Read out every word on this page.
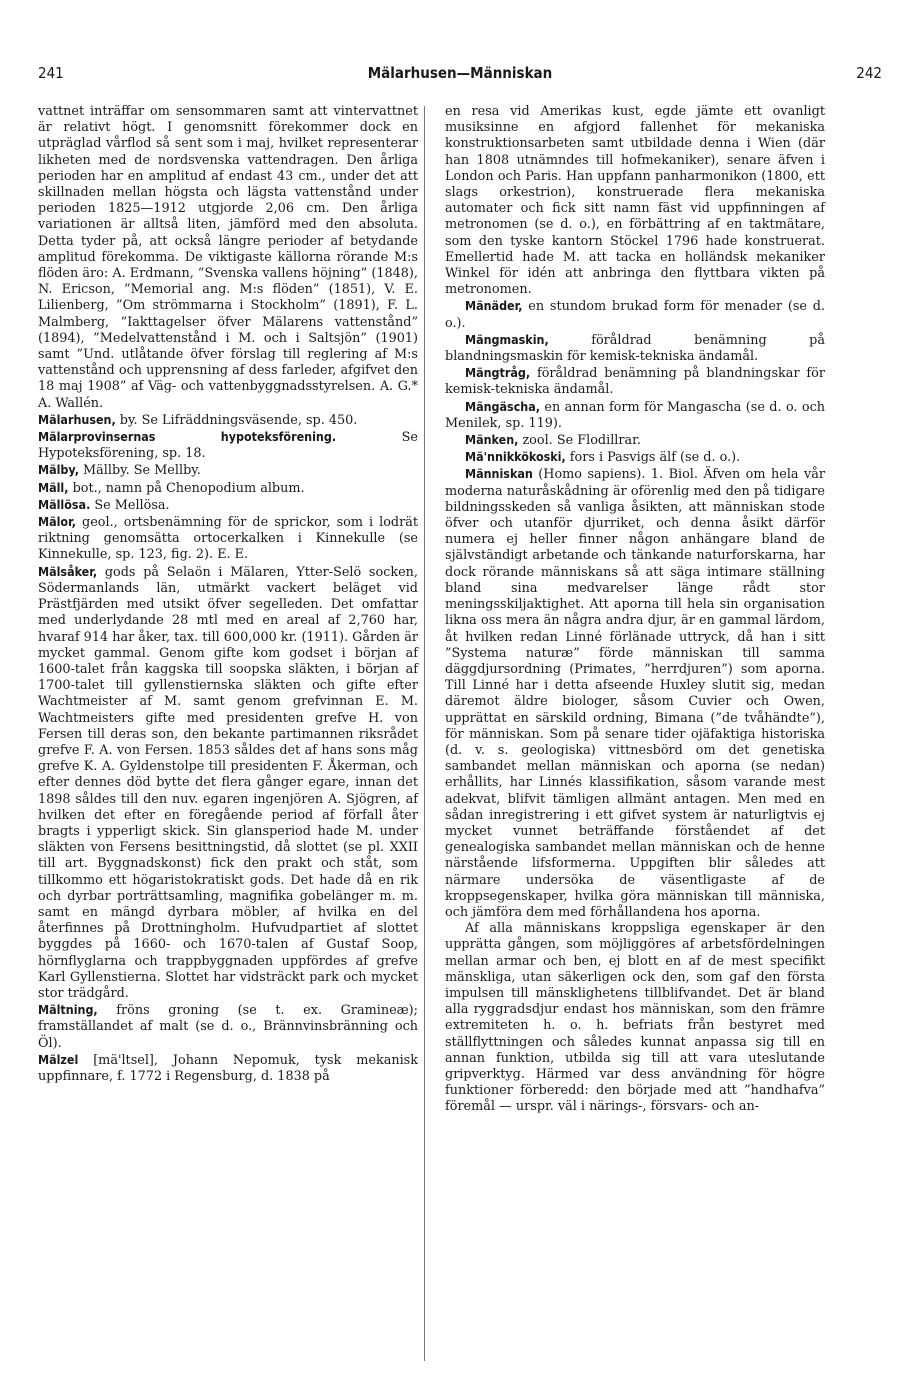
241	Mälarhusen—Människan	242

vattnet inträffar om sensommaren samt att vintervattnet är relativt högt. I genomsnitt förekommer dock en utpräglad vårflod så sent som i maj, hvilket representerar likheten med de nordsvenska vattendragen. Den årliga perioden har en amplitud af endast 43 cm., under det att skillnaden mellan högsta och lägsta vattenstånd under perioden 1825—1912 utgjorde 2,06 cm. Den årliga variationen är alltså liten, jämförd med den absoluta. Detta tyder på, att också längre perioder af betydande amplitud förekomma. De viktigaste källorna rörande M:s flöden äro: A. Erdmann, ”Svenska vallens höjning” (1848), N. Ericson, ”Memorial ang. M:s flöden” (1851), V. E. Lilienberg, ”Om strömmarna i Stockholm” (1891), F. L. Malmberg, ”Iakttagelser öfver Mälarens vattenstånd” (1894), ”Medelvattenstånd i M. och i Saltsjön” (1901) samt ”Und. utlåtande öfver förslag till reglering af M:s vattenstånd och upprensning af dess farleder, afgifvet den 18 maj 1908” af Väg- och vattenbyggnadsstyrelsen. A. G.* A. Wallén.

Mälarhusen, by. Se Lifräddningsväsende, sp. 450.

Mälarprovinsernas hypoteksförening. Se Hypoteksförening, sp. 18.

Mälby, Mällby. Se Mellby.

Mäll, bot., namn på Chenopodium album.

Mällösa. Se Mellösa.

Mälor, geol., ortsbenämning för de sprickor, som i lodrät riktning genomsätta ortocerkalken i Kinnekulle (se Kinnekulle, sp. 123, fig. 2). E. E.

Mälsåker, gods på Selaön i Mälaren, Ytter-Selö socken, Södermanlands län, utmärkt vackert beläget vid Prästfjärden med utsikt öfver segelleden. Det omfattar med underlydande 28 mtl med en areal af 2,760 har, hvaraf 914 har åker, tax. till 600,000 kr. (1911). Gården är mycket gammal. Genom gifte kom godset i början af 1600-talet från kaggska till soopska släkten, i början af 1700-talet till gyllenstiernska släkten och gifte efter Wachtmeister af M. samt genom grefvinnan E. M. Wachtmeisters gifte med presidenten grefve H. von Fersen till deras son, den bekante partimannen riksrådet grefve F. A. von Fersen. 1853 såldes det af hans sons måg grefve K. A. Gyldenstolpe till presidenten F. Åkerman, och efter dennes död bytte det flera gånger egare, innan det 1898 såldes till den nuv. egaren ingenjören A. Sjögren, af hvilken det efter en föregående period af förfall åter bragts i ypperligt skick. Sin glansperiod hade M. under släkten von Fersens besittningstid, då slottet (se pl. XXII till art. Byggnadskonst) fick den prakt och ståt, som tillkommo ett högaristokratiskt gods. Det hade då en rik och dyrbar porträttsamling, magnifika gobelänger m. m. samt en mängd dyrbara möbler, af hvilka en del återfinnes på Drottningholm. Hufvudpartiet af slottet byggdes på 1660- och 1670-talen af Gustaf Soop, hörnflyglarna och trappbyggnaden uppfördes af grefve Karl Gyllenstierna. Slottet har vidsträckt park och mycket stor trädgård.

Mältning, fröns groning (se t. ex. Gramineæ); framställandet af malt (se d. o., Brännvinsbränning och Öl).

Mälzel [mä'ltsel], Johann Nepomuk, tysk mekanisk uppfinnare, f. 1772 i Regensburg, d. 1838 på

en resa vid Amerikas kust, egde jämte ett ovanligt musiksinne en afgjord fallenhet för mekaniska konstruktionsarbeten samt utbildade denna i Wien (där han 1808 utnämndes till hofmekaniker), senare äfven i London och Paris. Han uppfann panharmonikon (1800, ett slags orkestrion), konstruerade flera mekaniska automater och fick sitt namn fäst vid uppfinningen af metronomen (se d. o.), en förbättring af en taktmätare, som den tyske kantorn Stöckel 1796 hade konstruerat. Emellertid hade M. att tacka en holländsk mekaniker Winkel för idén att anbringa den flyttbara vikten på metronomen.

Mänäder, en stundom brukad form för menader (se d. o.).

Mängmaskin, föråldrad benämning på blandningsmaskin för kemisk-tekniska ändamål.

Mängtråg, föråldrad benämning på blandningskar för kemisk-tekniska ändamål.

Mängäscha, en annan form för Mangascha (se d. o. och Menilek, sp. 119).

Mänken, zool. Se Flodillrar.

Mä'nnikkökoski, fors i Pasvigs älf (se d. o.).

Människan (Homo sapiens). 1. Biol. Äfven om hela vår moderna naturåskådning är oförenlig med den på tidigare bildningsskeden så vanliga åsikten, att människan stode öfver och utanför djurriket, och denna åsikt därför numera ej heller finner någon anhängare bland de självständigt arbetande och tänkande naturforskarna, har dock rörande människans så att säga intimare ställning bland sina medvarelser länge rådt stor meningsskiljaktighet. Att aporna till hela sin organisation likna oss mera än några andra djur, är en gammal lärdom, åt hvilken redan Linné förlänade uttryck, då han i sitt ”Systema naturæ” förde människan till samma däggdjursordning (Primates, ”herrdjuren”) som aporna. Till Linné har i detta afseende Huxley slutit sig, medan däremot äldre biologer, såsom Cuvier och Owen, upprättat en särskild ordning, Bimana (”de tvåhändte”), för människan. Som på senare tider ojäfaktiga historiska (d. v. s. geologiska) vittnesbörd om det genetiska sambandet mellan människan och aporna (se nedan) erhållits, har Linnés klassifikation, såsom varande mest adekvat, blifvit tämligen allmänt antagen. Men med en sådan inregistrering i ett gifvet system är naturligtvis ej mycket vunnet beträffande förståendet af det genealogiska sambandet mellan människan och de henne närstående lifsformerna. Uppgiften blir således att närmare undersöka de väsentligaste af de kroppsegenskaper, hvilka göra människan till människa, och jämföra dem med förhållandena hos aporna.

Af alla människans kroppsliga egenskaper är den upprätta gången, som möjliggöres af arbetsfördelningen mellan armar och ben, ej blott en af de mest specifikt mänskliga, utan säkerligen ock den, som gaf den första impulsen till mänsklighetens tillblifvandet. Det är bland alla ryggradsdjur endast hos människan, som den främre extremiteten h. o. h. befriats från bestyret med ställflyttningen och således kunnat anpassa sig till en annan funktion, utbilda sig till att vara uteslutande gripverktyg. Härmed var dess användning för högre funktioner förberedd: den började med att ”handhafva” föremål — urspr. väl i närings-, försvars- och an-
